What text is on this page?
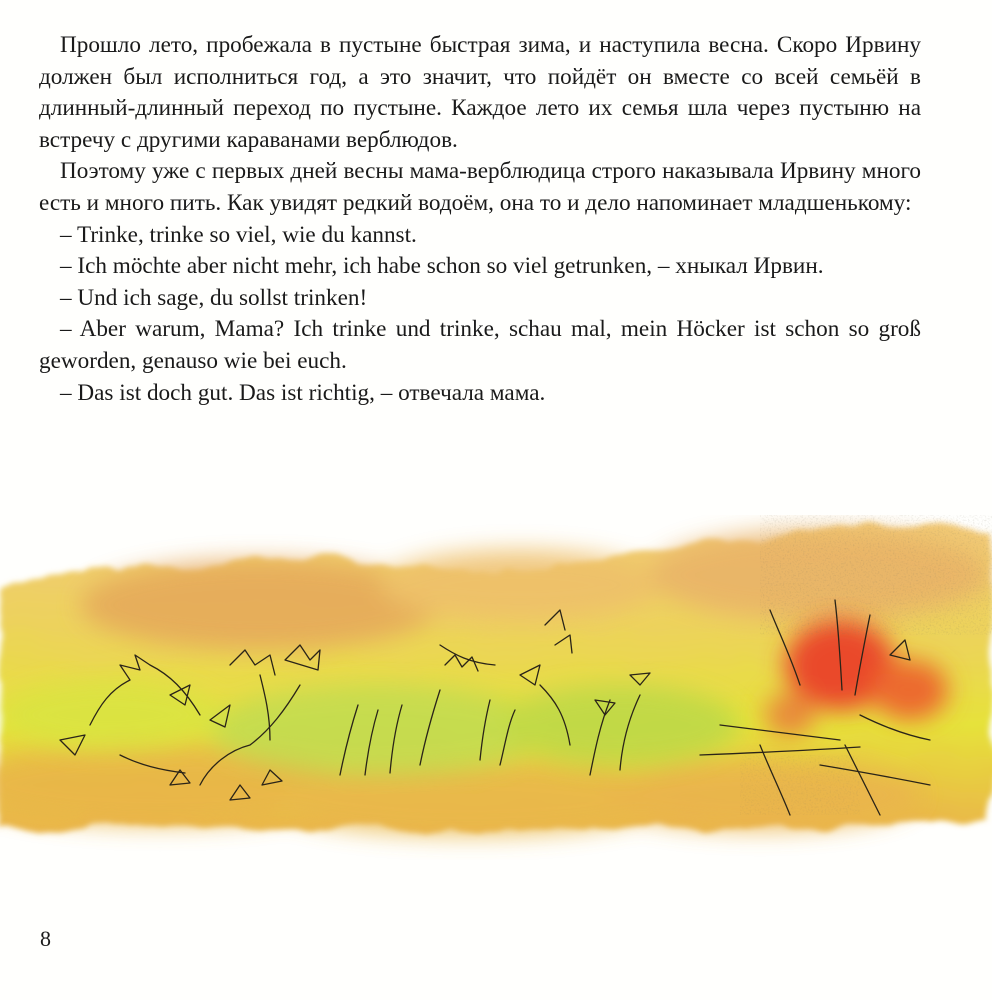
Прошло лето, пробежала в пустыне быстрая зима, и наступила весна. Скоро Ирвину должен был исполниться год, а это значит, что пойдёт он вместе со всей семьёй в длинный-длинный переход по пустыне. Каждое лето их семья шла через пустыню на встречу с другими караванами верблюдов.

Поэтому уже с первых дней весны мама-верблюдица строго наказывала Ирвину много есть и много пить. Как увидят редкий водоём, она то и дело напоминает младшенькому:

– Trinke, trinke so viel, wie du kannst.

– Ich möchte aber nicht mehr, ich habe schon so viel getrunken, – хныкал Ирвин.

– Und ich sage, du sollst trinken!

– Aber warum, Mama? Ich trinke und trinke, schau mal, mein Höcker ist schon so groß geworden, genauso wie bei euch.

– Das ist doch gut. Das ist richtig, – отвечала мама.

8
